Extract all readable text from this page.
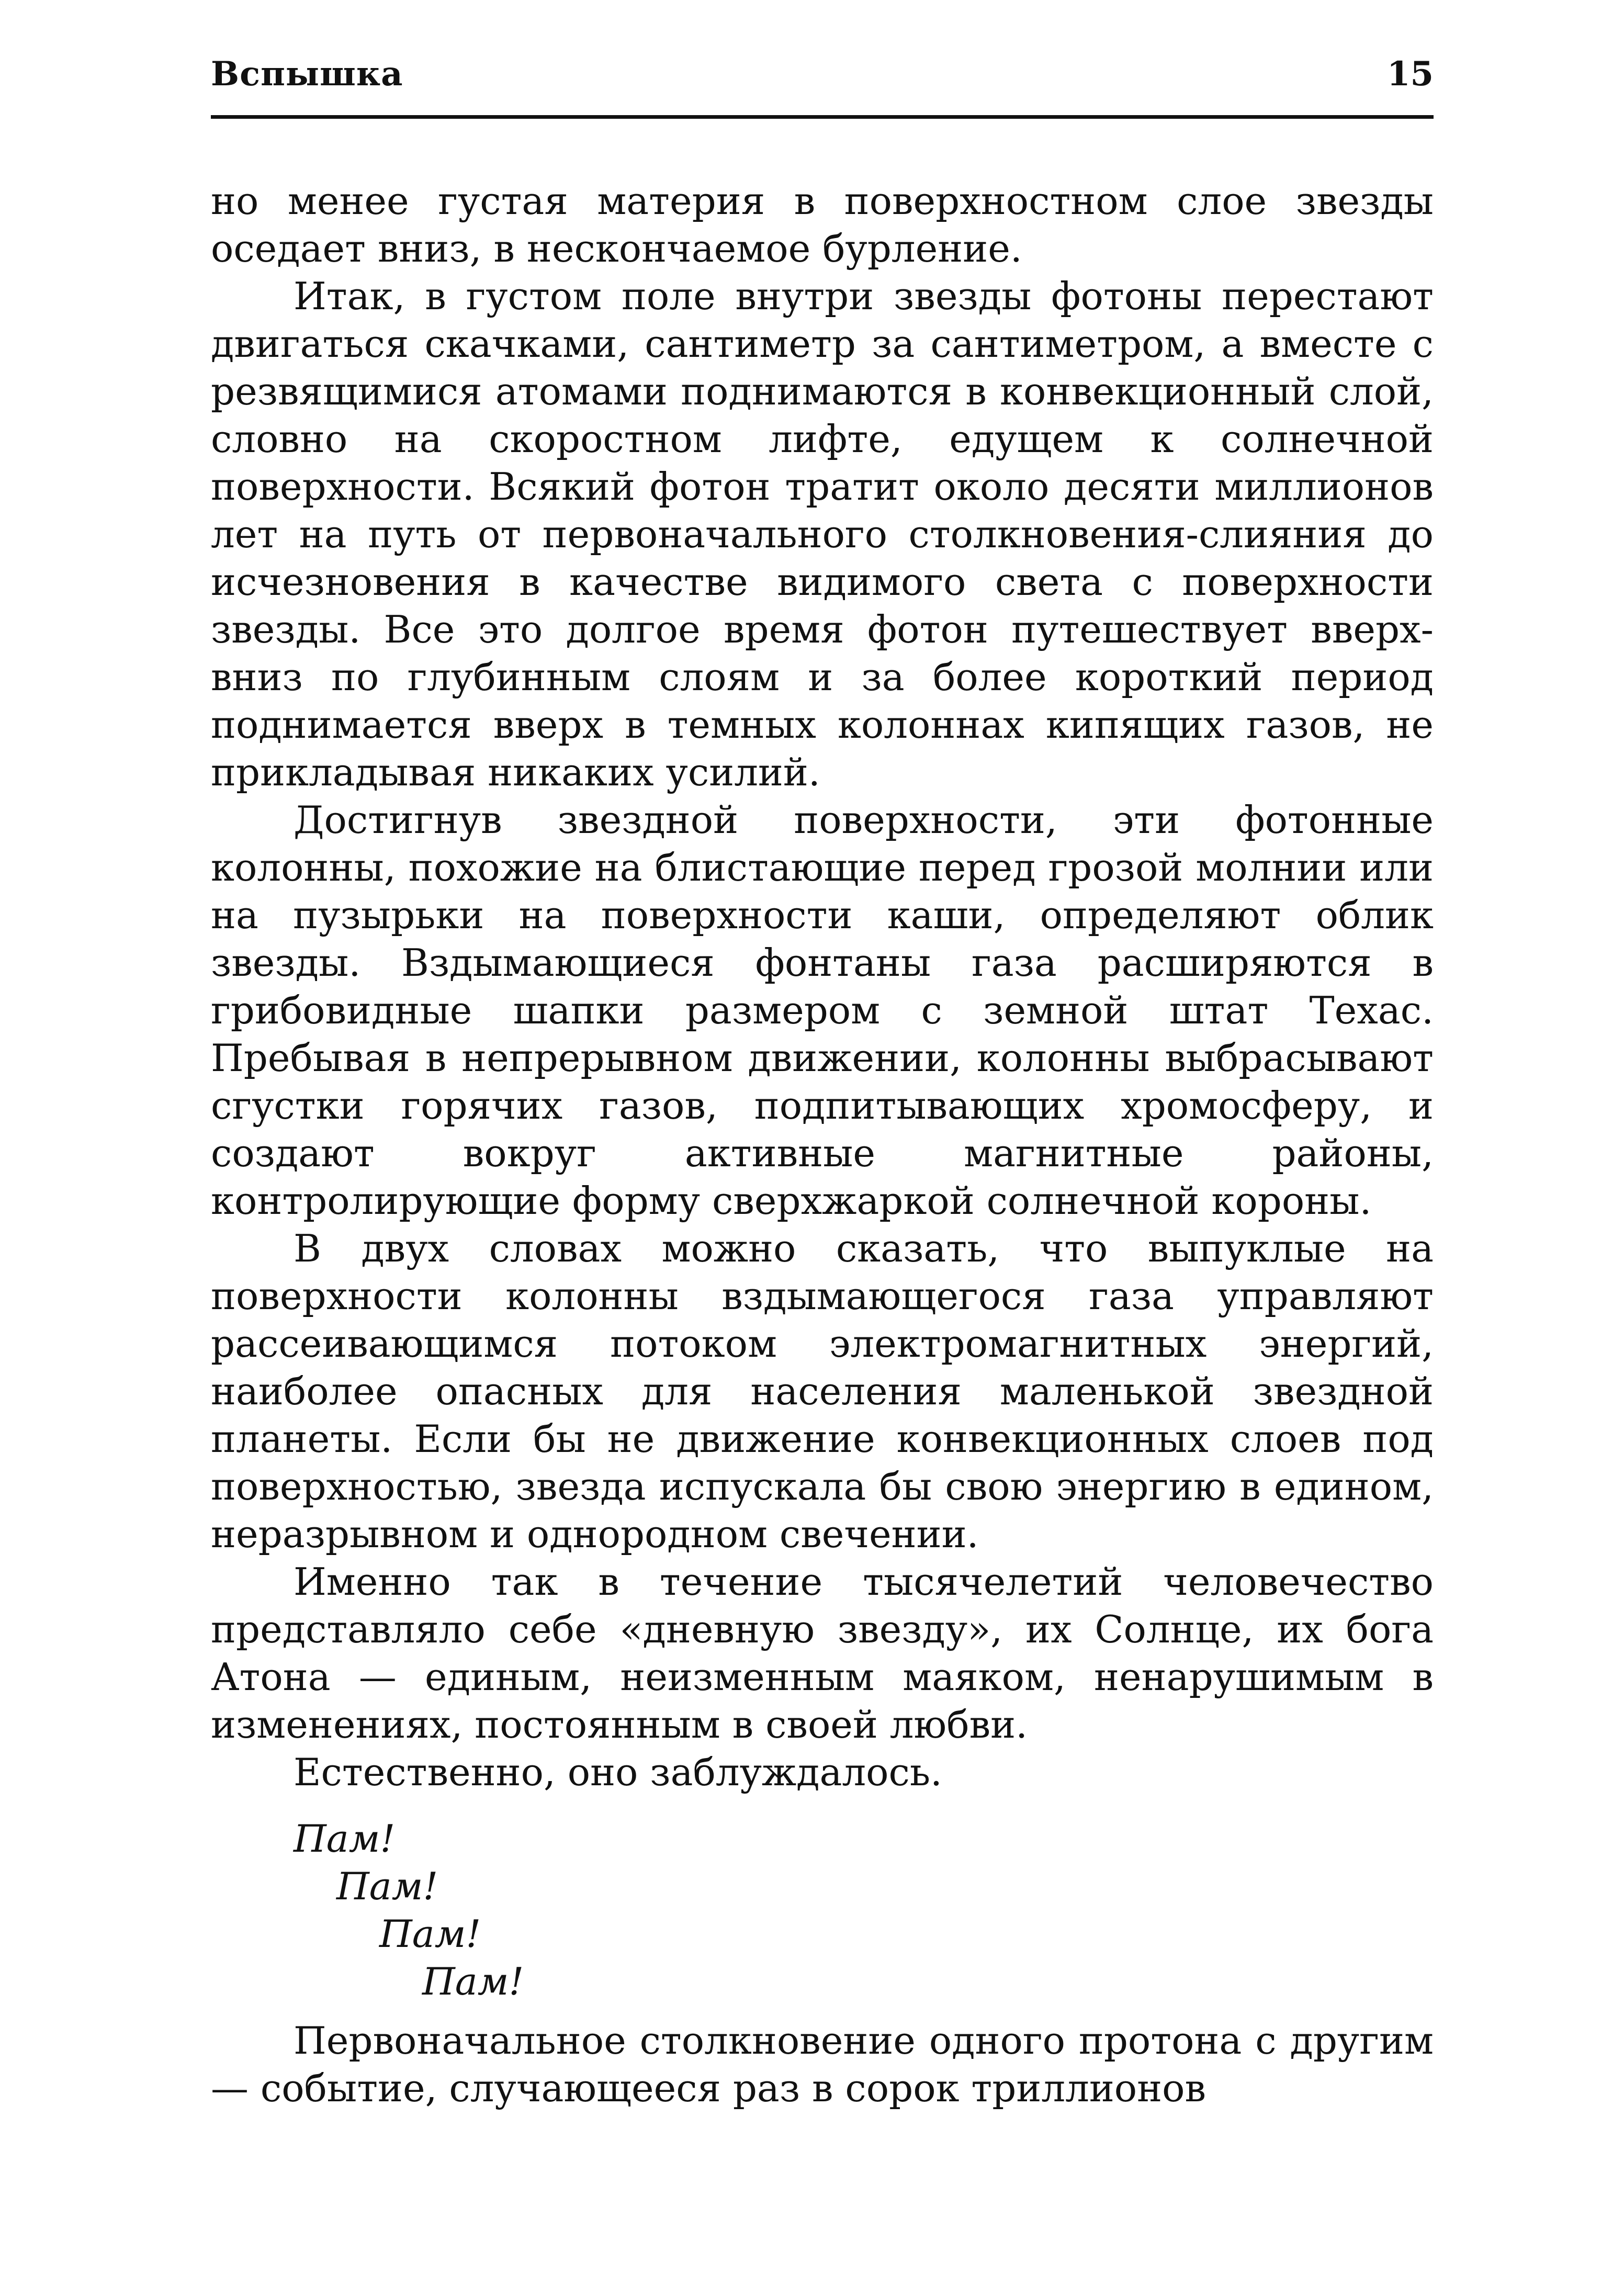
Вспышка	15

но менее густая материя в поверхностном слое звезды оседает вниз, в нескончаемое бурление.

Итак, в густом поле внутри звезды фотоны перестают двигаться скачками, сантиметр за сантиметром, а вместе с резвящимися атомами поднимаются в конвекционный слой, словно на скоростном лифте, едущем к солнечной поверхности. Всякий фотон тратит около десяти миллионов лет на путь от первоначального столкновения-слияния до исчезновения в качестве видимого света с поверхности звезды. Все это долгое время фотон путешествует вверх-вниз по глубинным слоям и за более короткий период поднимается вверх в темных колоннах кипящих газов, не прикладывая никаких усилий.

Достигнув звездной поверхности, эти фотонные колонны, похожие на блистающие перед грозой молнии или на пузырьки на поверхности каши, определяют облик звезды. Вздымающиеся фонтаны газа расширяются в грибовидные шапки размером с земной штат Техас. Пребывая в непрерывном движении, колонны выбрасывают сгустки горячих газов, подпитывающих хромосферу, и создают вокруг активные магнитные районы, контролирующие форму сверхжаркой солнечной короны.

В двух словах можно сказать, что выпуклые на поверхности колонны вздымающегося газа управляют рассеивающимся потоком электромагнитных энергий, наиболее опасных для населения маленькой звездной планеты. Если бы не движение конвекционных слоев под поверхностью, звезда испускала бы свою энергию в едином, неразрывном и однородном свечении.

Именно так в течение тысячелетий человечество представляло себе «дневную звезду», их Солнце, их бога Атона — единым, неизменным маяком, ненарушимым в изменениях, постоянным в своей любви.

Естественно, оно заблуждалось.

Пам!
Пам!
Пам!
Пам!

Первоначальное столкновение одного протона с другим — событие, случающееся раз в сорок триллионов
